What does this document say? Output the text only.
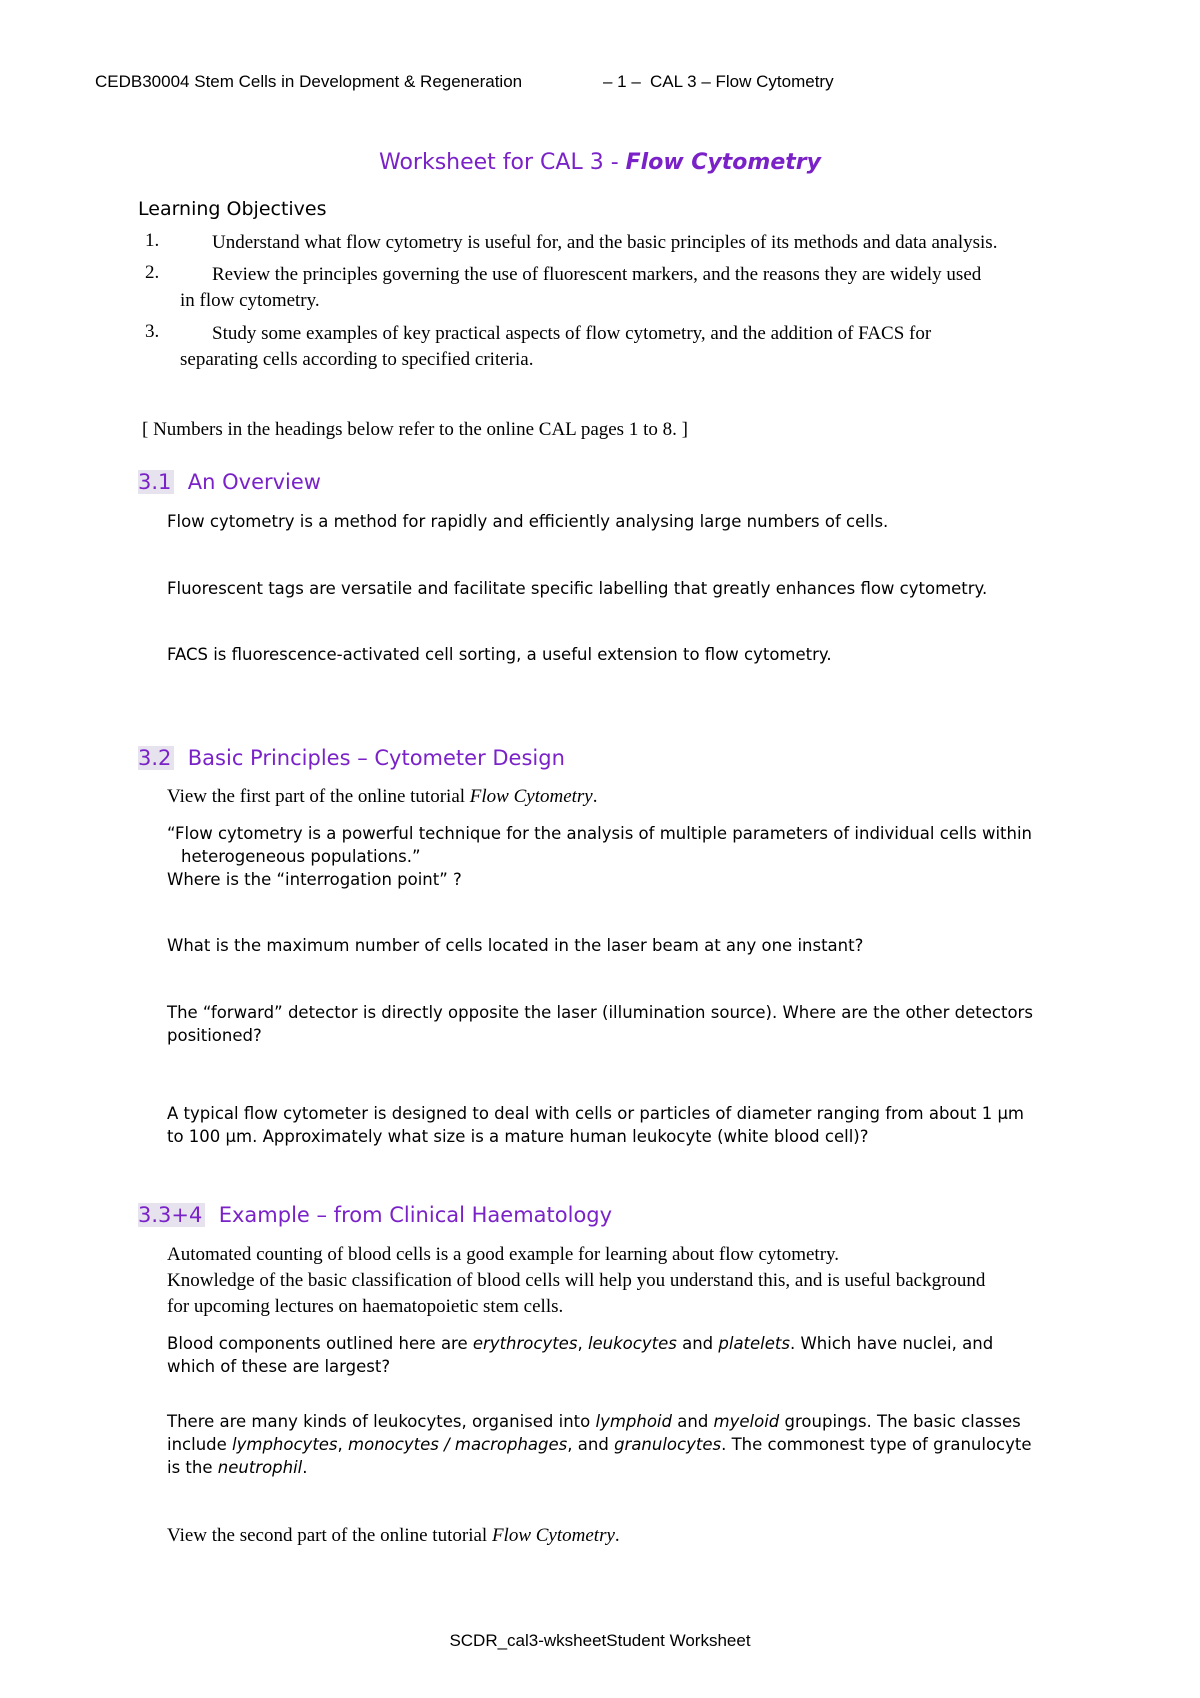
CEDB30004 Stem Cells in Development & Regeneration	– 1 – CAL 3 – Flow Cytometry
Worksheet for CAL 3 - Flow Cytometry
Learning Objectives
1.	Understand what flow cytometry is useful for, and the basic principles of its methods and data analysis.
2.	Review the principles governing the use of fluorescent markers, and the reasons they are widely used
in flow cytometry.
3.	Study some examples of key practical aspects of flow cytometry, and the addition of FACS for
separating cells according to specified criteria.
[ Numbers in the headings below refer to the online CAL pages 1 to 8. ]
3.1 An Overview
Flow cytometry is a method for rapidly and efficiently analysing large numbers of cells.
Fluorescent tags are versatile and facilitate specific labelling that greatly enhances flow cytometry.
FACS is fluorescence-activated cell sorting, a useful extension to flow cytometry.
3.2 Basic Principles – Cytometer Design
View the first part of the online tutorial Flow Cytometry.
“Flow cytometry is a powerful technique for the analysis of multiple parameters of individual cells within
heterogeneous populations.”
Where is the “interrogation point” ?
What is the maximum number of cells located in the laser beam at any one instant?
The “forward” detector is directly opposite the laser (illumination source). Where are the other detectors
positioned?
A typical flow cytometer is designed to deal with cells or particles of diameter ranging from about 1 µm
to 100 µm. Approximately what size is a mature human leukocyte (white blood cell)?
3.3+4 Example – from Clinical Haematology
Automated counting of blood cells is a good example for learning about flow cytometry.
Knowledge of the basic classification of blood cells will help you understand this, and is useful background
for upcoming lectures on haematopoietic stem cells.
Blood components outlined here are erythrocytes, leukocytes and platelets. Which have nuclei, and
which of these are largest?
There are many kinds of leukocytes, organised into lymphoid and myeloid groupings. The basic classes
include lymphocytes, monocytes / macrophages, and granulocytes. The commonest type of granulocyte
is the neutrophil.
View the second part of the online tutorial Flow Cytometry.
SCDR_cal3-wksheetStudent Worksheet
